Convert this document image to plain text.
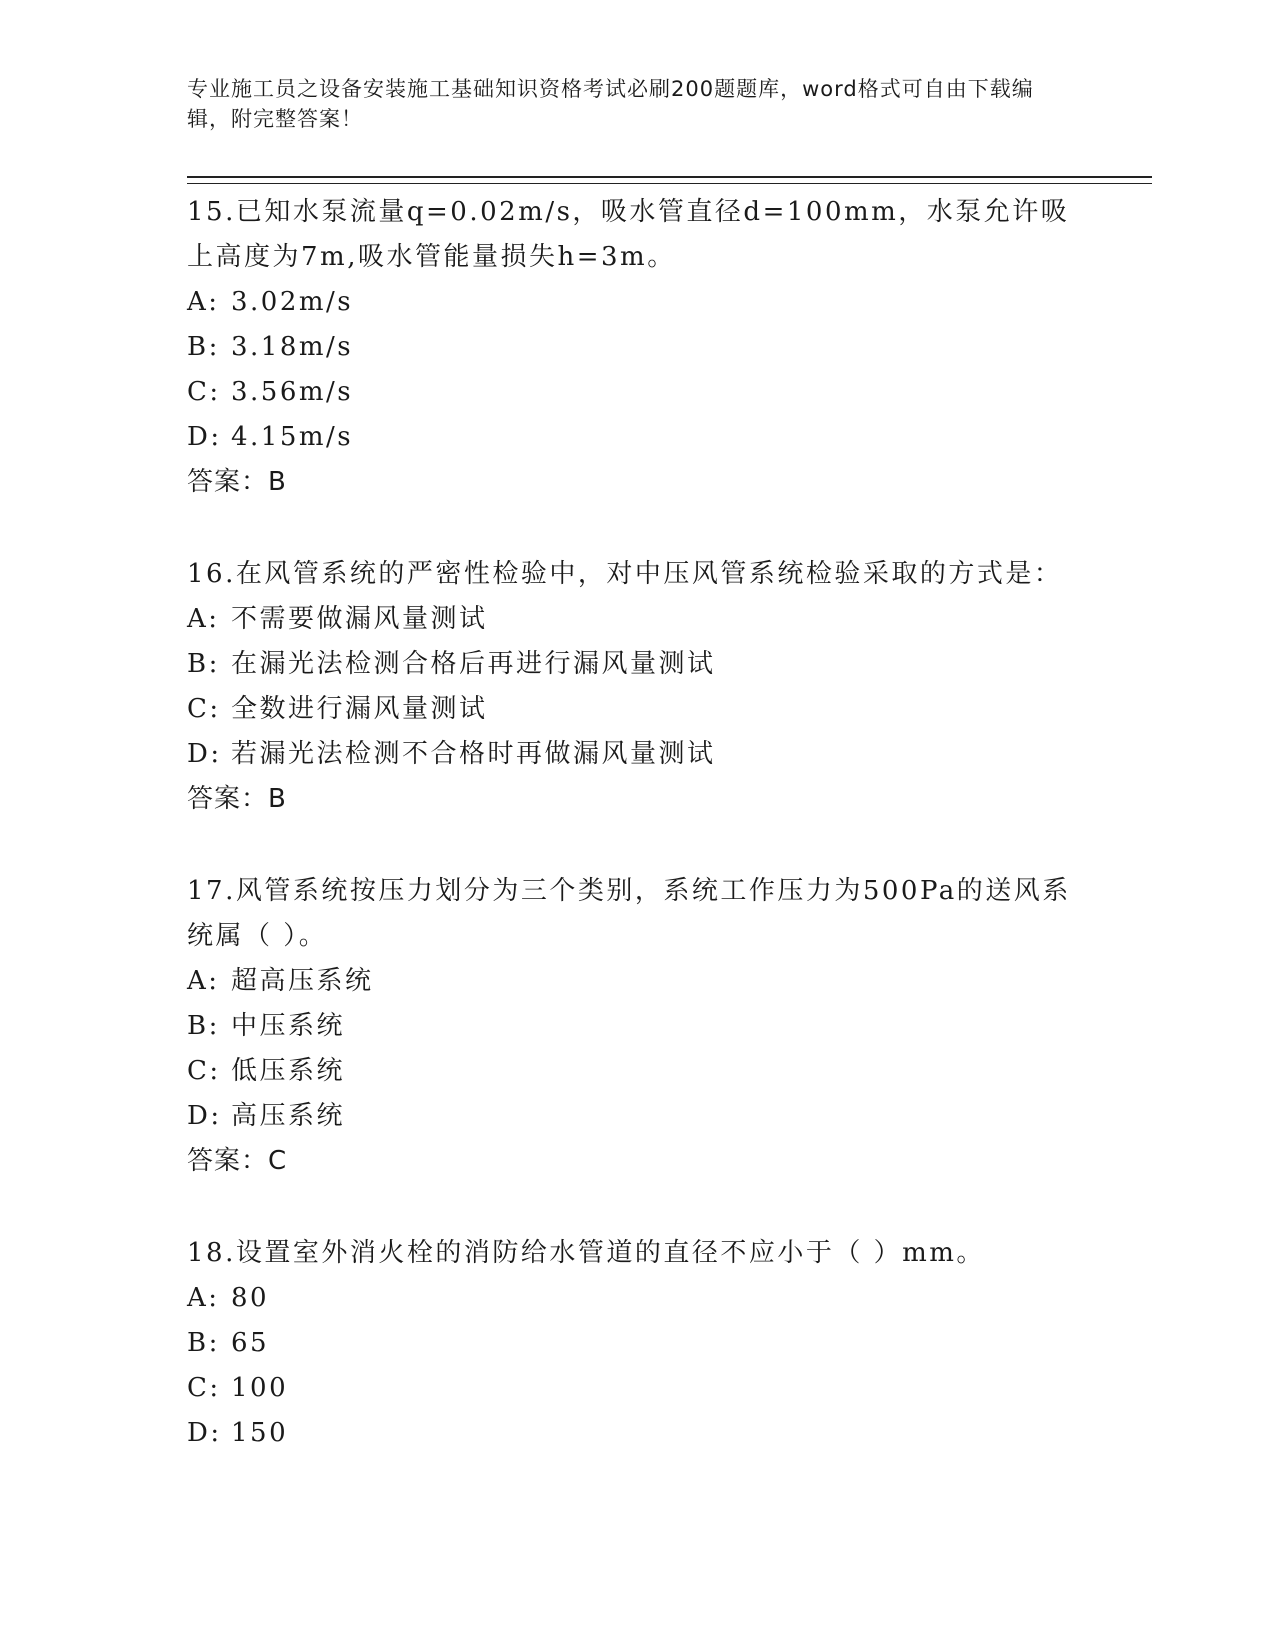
专业施工员之设备安装施工基础知识资格考试必刷200题题库，word格式可自由下载编辑，附完整答案！
15.已知水泵流量q=0.02m/s，吸水管直径d=100mm，水泵允许吸上高度为7m,吸水管能量损失h=3m。
A: 3.02m/s
B: 3.18m/s
C: 3.56m/s
D: 4.15m/s
答案：B
16.在风管系统的严密性检验中，对中压风管系统检验采取的方式是：
A: 不需要做漏风量测试
B: 在漏光法检测合格后再进行漏风量测试
C: 全数进行漏风量测试
D: 若漏光法检测不合格时再做漏风量测试
答案：B
17.风管系统按压力划分为三个类别，系统工作压力为500Pa的送风系统属（ ）。
A: 超高压系统
B: 中压系统
C: 低压系统
D: 高压系统
答案：C
18.设置室外消火栓的消防给水管道的直径不应小于（ ）mm。
A: 80
B: 65
C: 100
D: 150
